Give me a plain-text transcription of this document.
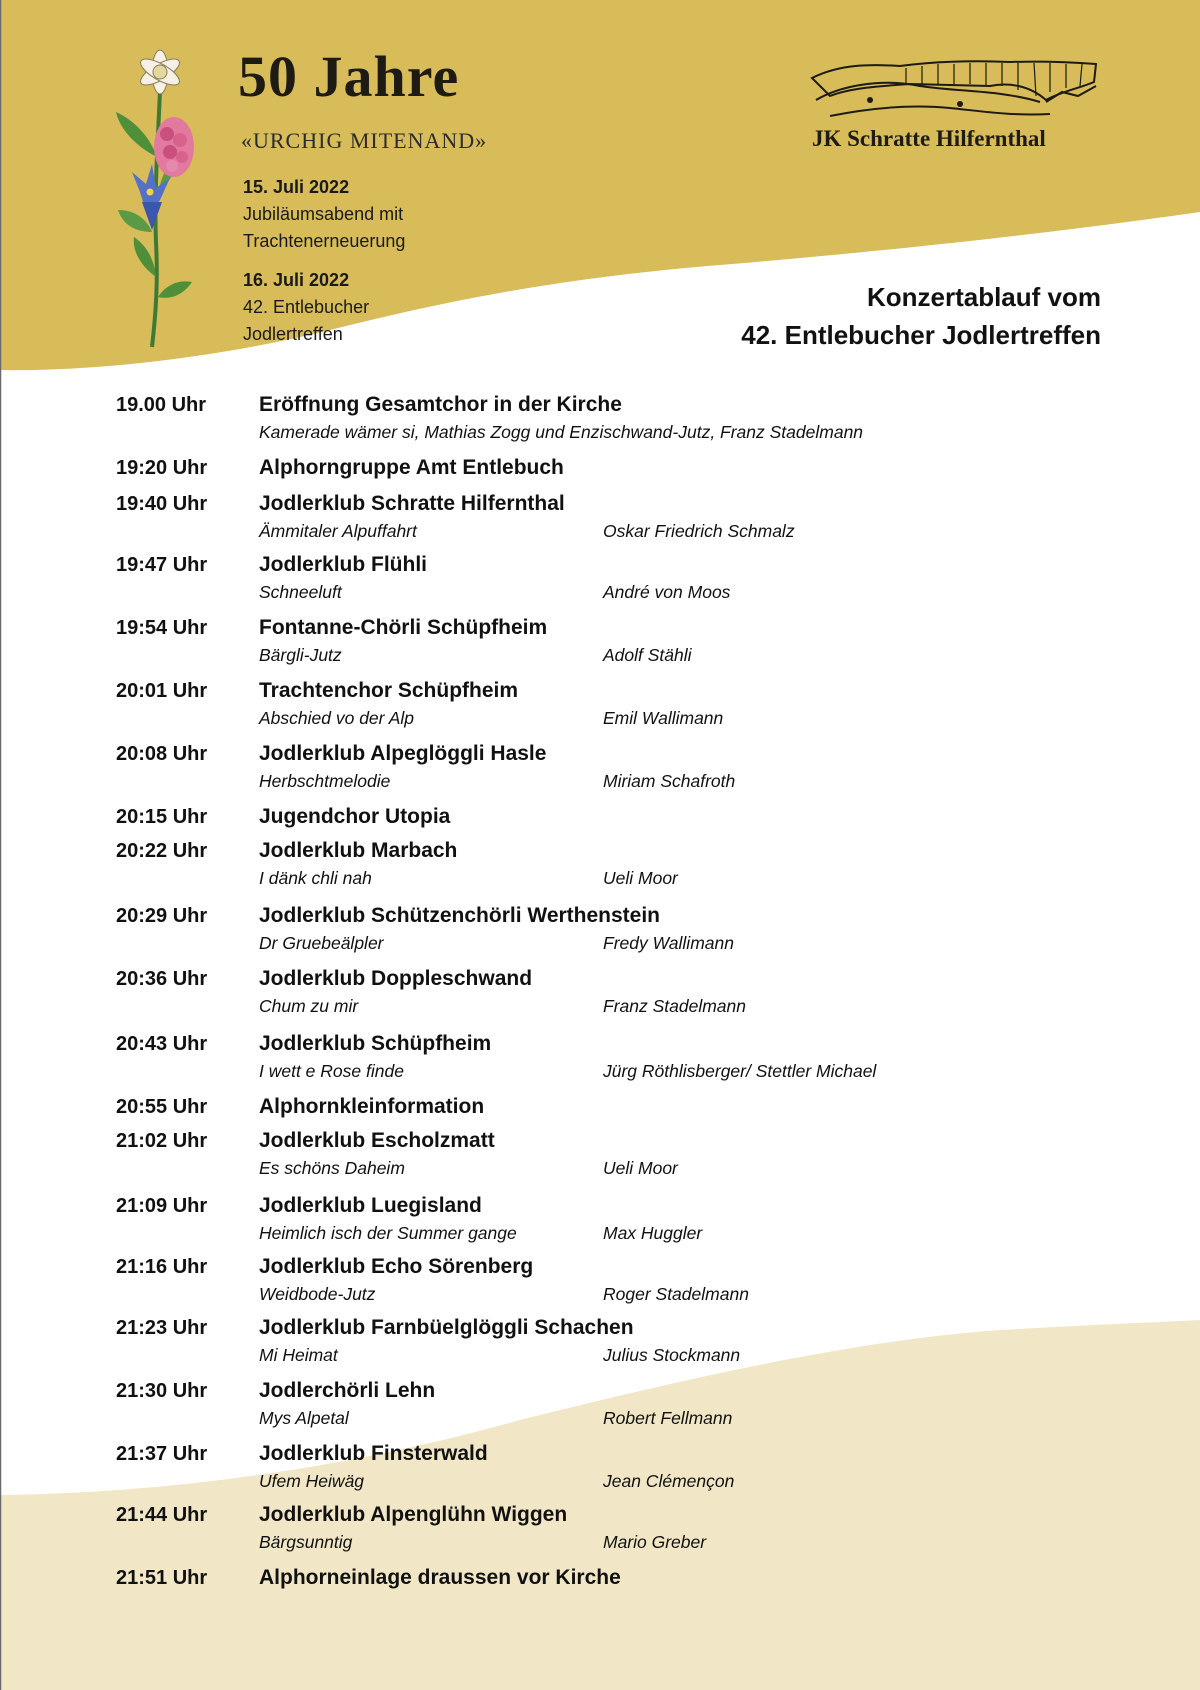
50 Jahre
«URCHIG MITENAND»
15. Juli 2022
Jubiläumsabend mit
Trachtenerneuerung
16. Juli 2022
42. Entlebucher
Jodlertreffen
JK Schratte Hilfernthal
Konzertablauf vom
42. Entlebucher Jodlertreffen
19.00 Uhr	Eröffnung Gesamtchor in der Kirche
Kamerade wämer si, Mathias Zogg und Enzischwand-Jutz, Franz Stadelmann
19:20 Uhr Alphorngruppe Amt Entlebuch
19:40 Uhr Jodlerklub Schratte Hilfernthal
Ämmitaler Alpuffahrt	Oskar Friedrich Schmalz
19:47 Uhr Jodlerklub Flühli
Schneeluft	André von Moos
19:54 Uhr Fontanne-Chörli Schüpfheim
Bärgli-Jutz	Adolf Stähli
20:01 Uhr Trachtenchor Schüpfheim
Abschied vo der Alp	Emil Wallimann
20:08 Uhr Jodlerklub Alpeglöggli Hasle
Herbschtmelodie	Miriam Schafroth
20:15 Uhr Jugendchor Utopia
20:22 Uhr Jodlerklub Marbach
I dänk chli nah	Ueli Moor
20:29 Uhr Jodlerklub Schützenchörli Werthenstein
Dr Gruebeälpler	Fredy Wallimann
20:36 Uhr Jodlerklub Doppleschwand
Chum zu mir	Franz Stadelmann
20:43 Uhr Jodlerklub Schüpfheim
I wett e Rose finde	Jürg Röthlisberger/ Stettler Michael
20:55 Uhr Alphornkleinformation
21:02 Uhr Jodlerklub Escholzmatt
Es schöns Daheim	Ueli Moor
21:09 Uhr Jodlerklub Luegisland
Heimlich isch der Summer gange	Max Huggler
21:16 Uhr Jodlerklub Echo Sörenberg
Weidbode-Jutz	Roger Stadelmann
21:23 Uhr Jodlerklub Farnbüelglöggli Schachen
Mi Heimat	Julius Stockmann
21:30 Uhr Jodlerchörli Lehn
Mys Alpetal	Robert Fellmann
21:37 Uhr Jodlerklub Finsterwald
Ufem Heiwäg	Jean Clémençon
21:44 Uhr Jodlerklub Alpenglühn Wiggen
Bärgsunntig	Mario Greber
21:51 Uhr Alphorneinlage draussen vor Kirche
